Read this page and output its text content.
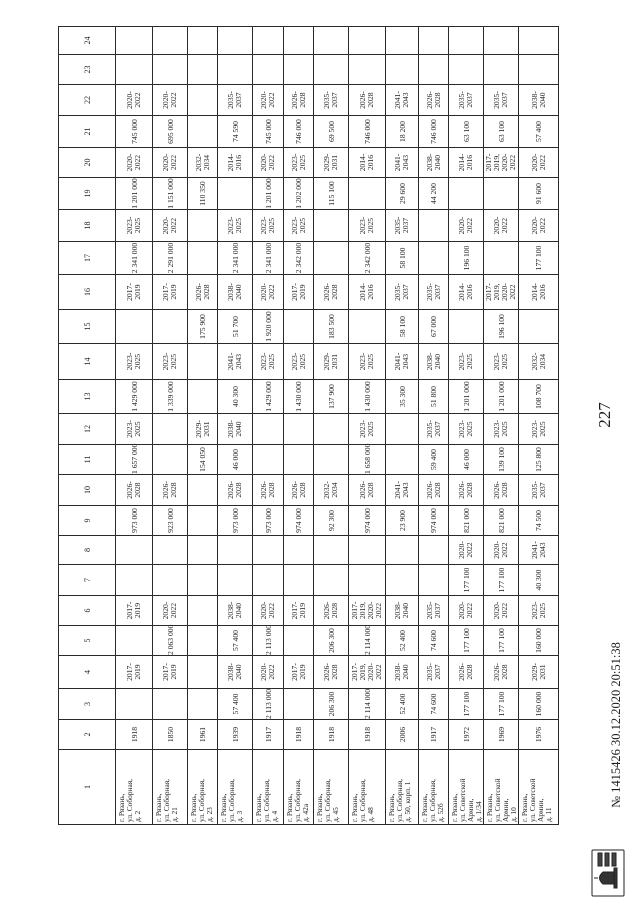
227
1	2	3	4	5	6	7	8	9	10	11	12	13	14	15	16	17	18	19	20	21	22	23	24

г. Рязань, ул. Соборная, д. 2	1918		2017-2019		2017-2019			973 000	2026-2028	1 657 000	2023-2025	1 429 000	2023-2025		2017-2019	2 341 000	2023-2025	1 201 000	2020-2022	745 000	2020-2022		

г. Рязань, ул. Соборная, д. 21	1850		2017-2019	2 063 000	2020-2022			923 000	2026-2028			1 339 000	2023-2025		2017-2019	2 291 000	2020-2022	1 151 000	2020-2022	695 000	2020-2022		

г. Рязань, ул. Соборная, д. 23	1961									154 050	2029-2031			175 900	2026-2028			110 350	2032-2034				

г. Рязань, ул. Соборная, д. 3	1939	57 400	2038-2040	57 400	2038-2040			973 000	2026-2028	46 000	2038-2040	40 300	2041-2043	51 700	2038-2040	2 341 000	2023-2025		2014-2016	74 590	2035-2037		

г. Рязань, ул. Соборная, д. 4	1917	2 113 000	2020-2022	2 113 000	2020-2022			973 000	2026-2028			1 429 000	2023-2025	1 920 000	2020-2022	2 341 000	2023-2025	1 201 000	2020-2022	745 000	2020-2022		

г. Рязань, ул. Соборная, д. 42а	1918		2017-2019		2017-2019			974 000	2026-2028			1 430 000	2023-2025		2017-2019	2 342 000	2023-2025	1 202 000	2023-2025	746 000	2026-2028		

г. Рязань, ул. Соборная, д. 45	1918	206 300	2026-2028	206 300	2026-2028			92 300	2032-2034			137 900	2029-2031	183 500	2026-2028			115 100	2029-2031	69 500	2035-2037		

г. Рязань, ул. Соборная, д. 48	1918	2 114 000	2017-2019, 2020-2022	2 114 000	2017-2019, 2020-2022			974 000	2026-2028	1 658 000	2023-2025	1 430 000	2023-2025		2014-2016	2 342 000	2023-2025		2014-2016	746 000	2026-2028		

г. Рязань, ул. Соборная, д. 50, корп. 1	2006	52 400	2038-2040	52 400	2038-2040			23 900	2041-2043			35 300	2041-2043	58 100	2035-2037	58 100	2035-2037	29 600	2041-2043	18 200	2041-2043		

г. Рязань, ул. Соборная, д. 52б	1917	74 600	2035-2037	74 600	2035-2037			974 000	2026-2028	59 400	2035-2037	51 800	2038-2040	67 000	2035-2037			44 200	2038-2040	746 000	2026-2028		

г. Рязань, ул. Советской Армии, д. 1/34	1972	177 100	2026-2028	177 100	2020-2022	177 100	2020-2022	821 000	2026-2028	46 000	2023-2025	1 201 000	2023-2025		2014-2016	196 100	2020-2022		2014-2016	63 100	2035-2037		

г. Рязань, ул. Советской Армии, д. 10	1969	177 100	2026-2028	177 100	2020-2022	177 100	2020-2022	821 000	2026-2028	139 100	2023-2025	1 201 000	2023-2025	196 100	2017-2019, 2020-2022		2020-2022		2017-2019, 2020-2022	63 100	2035-2037		

г. Рязань, ул. Советской Армии, д. 11	1976	160 000	2029-2031	160 000	2023-2025	40 300	2041-2043	74 500	2035-2037	125 800	2023-2025	108 700	2032-2034		2014-2016	177 100	2020-2022	91 600	2020-2022	57 400	2038-2040		
№ 1415426 30.12.2020 20:51:38
